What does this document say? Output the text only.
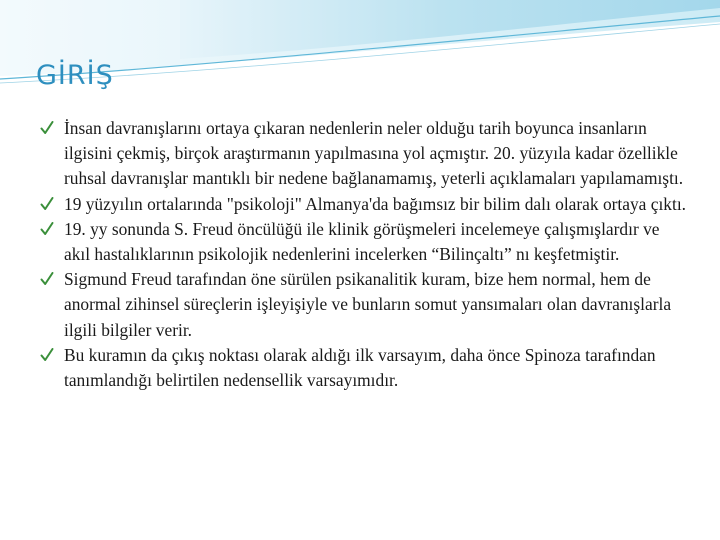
GİRİŞ
İnsan davranışlarını ortaya çıkaran nedenlerin neler olduğu tarih boyunca insanların ilgisini çekmiş, birçok araştırmanın yapılmasına yol açmıştır. 20. yüzyıla kadar özellikle ruhsal davranışlar mantıklı bir nedene bağlanamamış, yeterli açıklamaları yapılamamıştı.
19 yüzyılın ortalarında "psikoloji" Almanya'da bağımsız bir bilim dalı olarak ortaya çıktı.
19. yy sonunda S. Freud öncülüğü ile klinik görüşmeleri incelemeye çalışmışlardır ve akıl hastalıklarının psikolojik nedenlerini incelerken “Bilinçaltı” nı keşfetmiştir.
Sigmund Freud tarafından öne sürülen psikanalitik kuram, bize hem normal, hem de anormal zihinsel süreçlerin işleyişiyle ve bunların somut yansımaları olan davranışlarla ilgili bilgiler verir.
Bu kuramın da çıkış noktası olarak aldığı ilk varsayım, daha önce Spinoza tarafından tanımlandığı belirtilen nedensellik varsayımıdır.
